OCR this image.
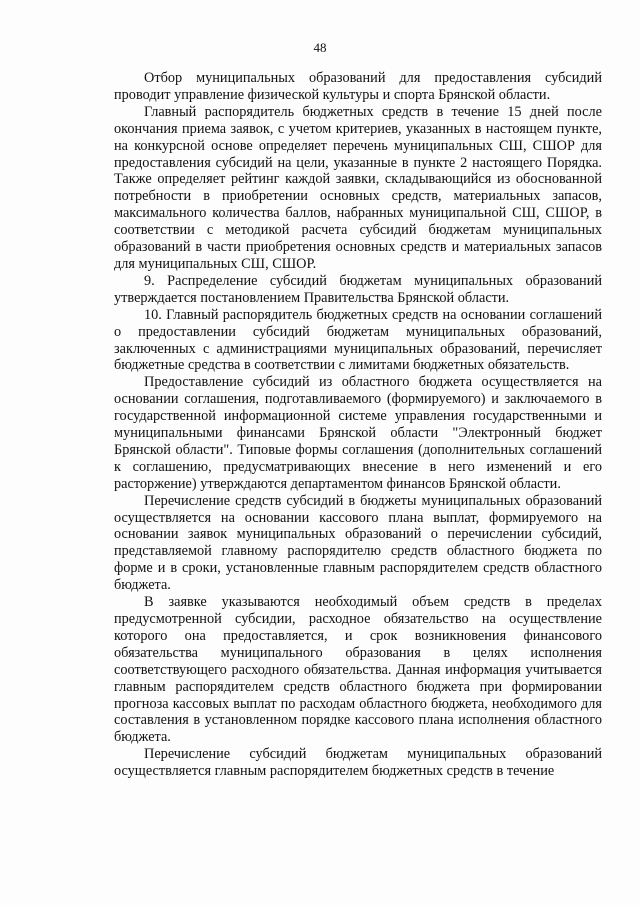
48

Отбор муниципальных образований для предоставления субсидий проводит управление физической культуры и спорта Брянской области.

Главный распорядитель бюджетных средств в течение 15 дней после окончания приема заявок, с учетом критериев, указанных в настоящем пункте, на конкурсной основе определяет перечень муниципальных СШ, СШОР для предоставления субсидий на цели, указанные в пункте 2 настоящего Порядка. Также определяет рейтинг каждой заявки, складывающийся из обоснованной потребности в приобретении основных средств, материальных запасов, максимального количества баллов, набранных муниципальной СШ, СШОР, в соответствии с методикой расчета субсидий бюджетам муниципальных образований в части приобретения основных средств и материальных запасов для муниципальных СШ, СШОР.

9. Распределение субсидий бюджетам муниципальных образований утверждается постановлением Правительства Брянской области.

10. Главный распорядитель бюджетных средств на основании соглашений о предоставлении субсидий бюджетам муниципальных образований, заключенных с администрациями муниципальных образований, перечисляет бюджетные средства в соответствии с лимитами бюджетных обязательств.

Предоставление субсидий из областного бюджета осуществляется на основании соглашения, подготавливаемого (формируемого) и заключаемого в государственной информационной системе управления государственными и муниципальными финансами Брянской области "Электронный бюджет Брянской области". Типовые формы соглашения (дополнительных соглашений к соглашению, предусматривающих внесение в него изменений и его расторжение) утверждаются департаментом финансов Брянской области.

Перечисление средств субсидий в бюджеты муниципальных образований осуществляется на основании кассового плана выплат, формируемого на основании заявок муниципальных образований о перечислении субсидий, представляемой главному распорядителю средств областного бюджета по форме и в сроки, установленные главным распорядителем средств областного бюджета.

В заявке указываются необходимый объем средств в пределах предусмотренной субсидии, расходное обязательство на осуществление которого она предоставляется, и срок возникновения финансового обязательства муниципального образования в целях исполнения соответствующего расходного обязательства. Данная информация учитывается главным распорядителем средств областного бюджета при формировании прогноза кассовых выплат по расходам областного бюджета, необходимого для составления в установленном порядке кассового плана исполнения областного бюджета.

Перечисление субсидий бюджетам муниципальных образований осуществляется главным распорядителем бюджетных средств в течение
